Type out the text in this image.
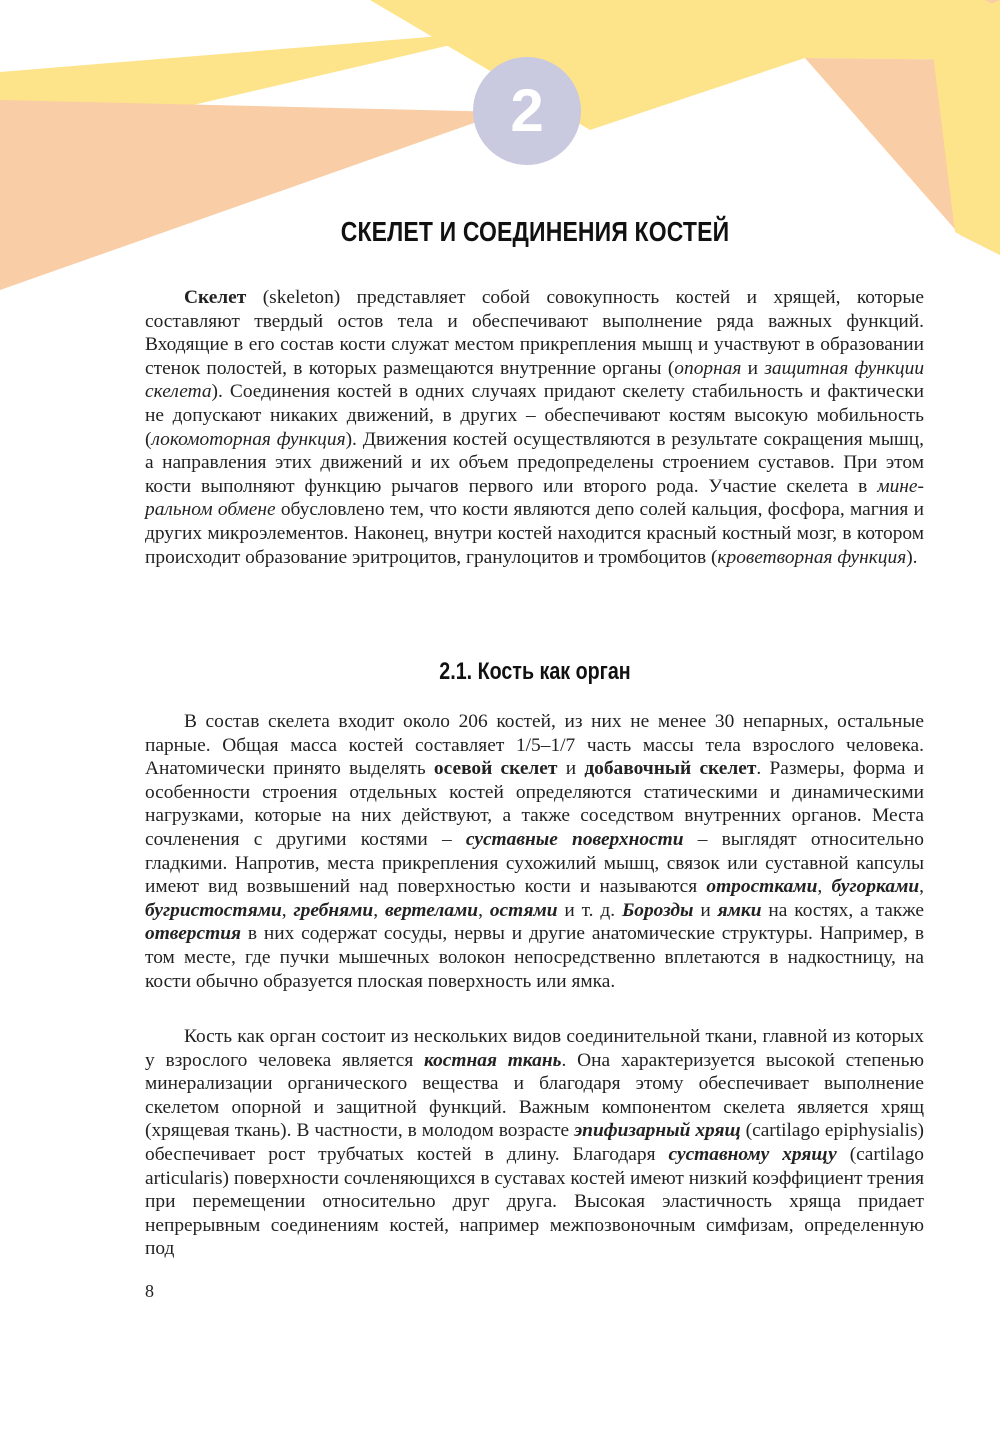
2
СКЕЛЕТ И СОЕДИНЕНИЯ КОСТЕЙ

Скелет (skeleton) представляет собой совокупность костей и хрящей, которые составляют твердый остов тела и обеспечивают выполнение ряда важных функций. Входящие в его состав кости служат местом прикрепления мышц и участвуют в образовании стенок полостей, в которых размещаются внутренние органы (опорная и защитная функции скелета). Соединения костей в одних случаях придают скелету стабильность и фактически не допускают никаких движений, в других – обеспечивают костям высокую мобильность (локомоторная функция). Движения костей осуществляются в результате сокращения мышц, а направления этих движений и их объем предопределены строением суставов. При этом кости выполняют функцию рычагов первого или второго рода. Участие скелета в минеральном обмене обусловлено тем, что кости являются депо солей кальция, фосфора, магния и других микроэлементов. Наконец, внутри костей находится красный костный мозг, в котором происходит образование эритроцитов, гранулоцитов и тромбоцитов (кроветворная функция).

2.1. Кость как орган

В состав скелета входит около 206 костей, из них не менее 30 непарных, остальные парные. Общая масса костей составляет 1/5–1/7 часть массы тела взрослого человека. Анатомически принято выделять осевой скелет и добавочный скелет. Размеры, форма и особенности строения отдельных костей определяются статическими и динамическими нагрузками, которые на них действуют, а также соседством внутренних органов. Места сочленения с другими костями – суставные поверхности – выглядят относительно гладкими. Напротив, места прикрепления сухожилий мышц, связок или суставной капсулы имеют вид возвышений над поверхностью кости и называются отростками, бугорками, бугристостями, гребнями, вертелами, остями и т. д. Борозды и ямки на костях, а также отверстия в них содержат сосуды, нервы и другие анатомические структуры. Например, в том месте, где пучки мышечных волокон непосредственно вплетаются в надкостницу, на кости обычно образуется плоская поверхность или ямка.

Кость как орган состоит из нескольких видов соединительной ткани, главной из которых у взрослого человека является костная ткань. Она характеризуется высокой степенью минерализации органического вещества и благодаря этому обеспечивает выполнение скелетом опорной и защитной функций. Важным компонентом скелета является хрящ (хрящевая ткань). В частности, в молодом возрасте эпифизарный хрящ (cartilago epiphysialis) обеспечивает рост трубчатых костей в длину. Благодаря суставному хрящу (cartilago articularis) поверхности сочленяющихся в суставах костей имеют низкий коэффициент трения при перемещении относительно друг друга. Высокая эластичность хряща придает непрерывным соединениям костей, например межпозвоночным симфизам, определенную под

8
